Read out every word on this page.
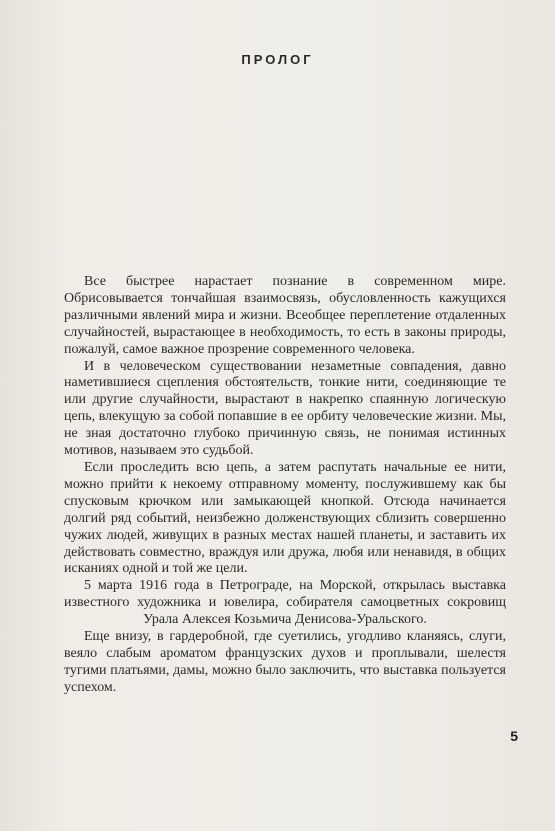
ПРОЛОГ

Все быстрее нарастает познание в современном мире. Обрисовывается тончайшая взаимосвязь, обусловленность кажущихся различными явлений мира и жизни. Всеобщее переплетение отдаленных случайностей, вырастающее в необходимость, то есть в законы природы, пожалуй, самое важное прозрение современного человека.

И в человеческом существовании незаметные совпадения, давно наметившиеся сцепления обстоятельств, тонкие нити, соединяющие те или другие случайности, вырастают в накрепко спаянную логическую цепь, влекущую за собой попавшие в ее орбиту человеческие жизни. Мы, не зная достаточно глубоко причинную связь, не понимая истинных мотивов, называем это судьбой.

Если проследить всю цепь, а затем распутать начальные ее нити, можно прийти к некоему отправному моменту, послужившему как бы спусковым крючком или замыкающей кнопкой. Отсюда начинается долгий ряд событий, неизбежно долженствующих сблизить совершенно чужих людей, живущих в разных местах нашей планеты, и заставить их действовать совместно, враждуя или дружа, любя или ненавидя, в общих исканиях одной и той же цели.

5 марта 1916 года в Петрограде, на Морской, открылась выставка известного художника и ювелира, собирателя самоцветных сокровищ Урала Алексея Козьмича Денисова-Уральского.

Еще внизу, в гардеробной, где суетились, угодливо кланяясь, слуги, веяло слабым ароматом французских духов и проплывали, шелестя тугими платьями, дамы, можно было заключить, что выставка пользуется успехом.

5
